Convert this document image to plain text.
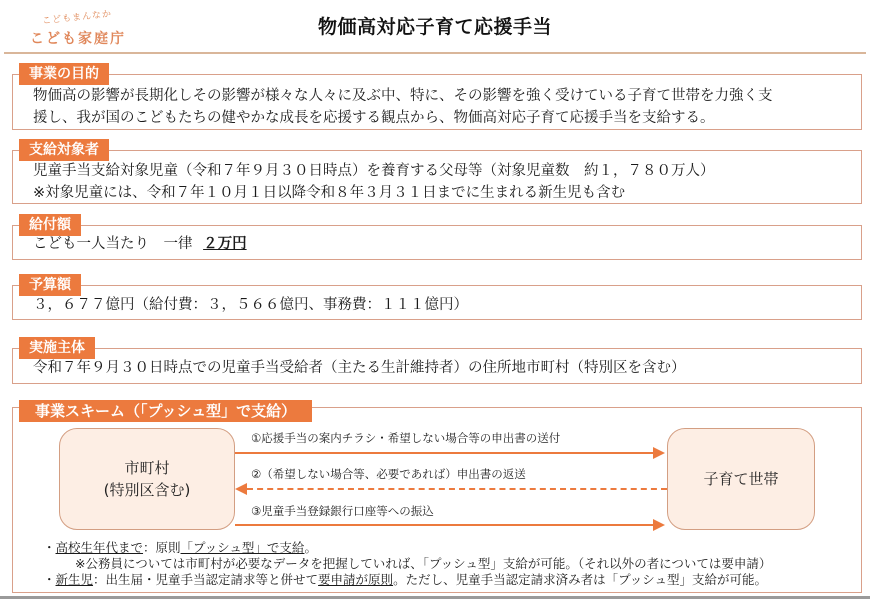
こどもまんなか
こども家庭庁
物価高対応子育て応援手当
事業の目的
物価高の影響が長期化しその影響が様々な人々に及ぶ中、特に、その影響を強く受けている子育て世帯を力強く支
援し、我が国のこどもたちの健やかな成長を応援する観点から、物価高対応子育て応援手当を支給する。
支給対象者
児童手当支給対象児童（令和７年９月３０日時点）を養育する父母等（対象児童数　約１，７８０万人）
※対象児童には、令和７年１０月１日以降令和８年３月３１日までに生まれる新生児も含む
給付額
こども一人当たり　一律 ２万円
予算額
３，６７７億円（給付費：３，５６６億円、事務費：１１１億円）
実施主体
令和７年９月３０日時点での児童手当受給者（主たる生計維持者）の住所地市町村（特別区を含む）
事業スキーム（「プッシュ型」で支給）
市町村
(特別区含む)
子育て世帯
①応援手当の案内チラシ・希望しない場合等の申出書の送付
②（希望しない場合等、必要であれば）申出書の返送
③児童手当登録銀行口座等への振込
・高校生年代まで：原則「プッシュ型」で支給。
※公務員については市町村が必要なデータを把握していれば、「プッシュ型」支給が可能。（それ以外の者については要申請）
・新生児：出生届・児童手当認定請求等と併せて要申請が原則。ただし、児童手当認定請求済み者は「プッシュ型」支給が可能。
